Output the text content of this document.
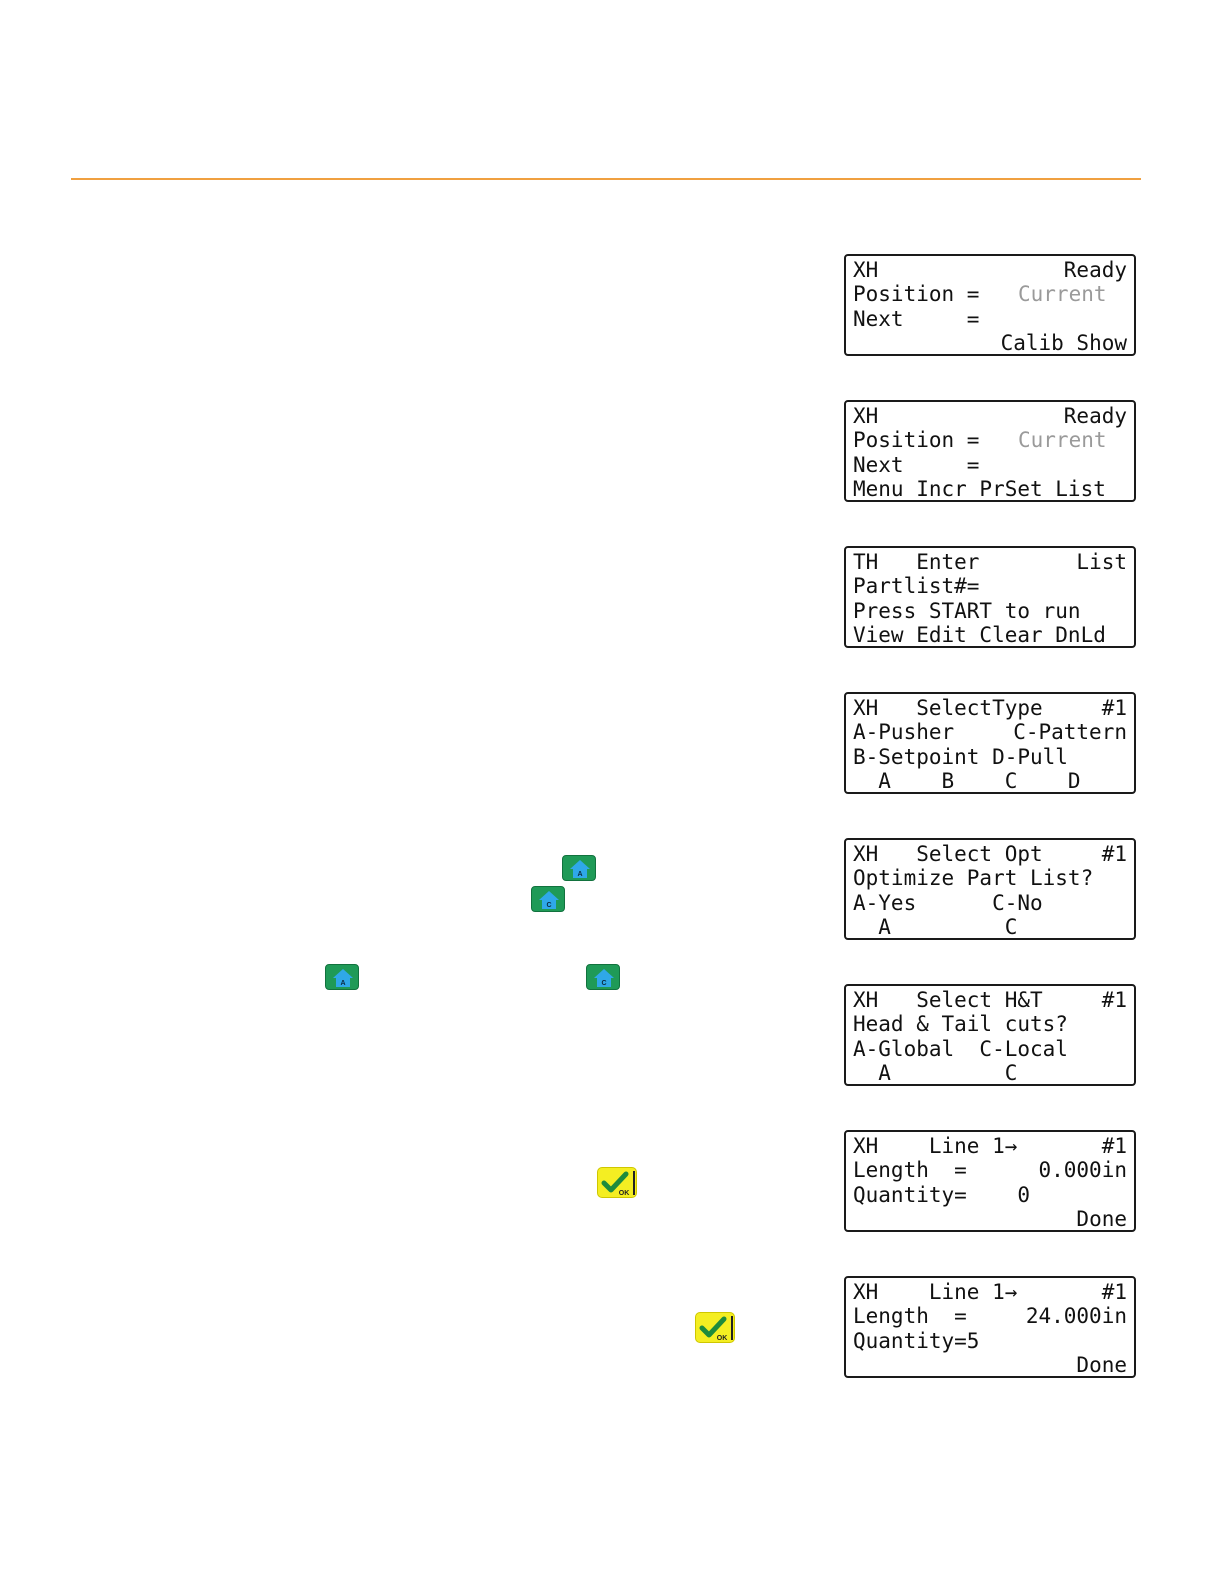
XH	Ready
Position = Current
Next     =
Calib Show
XH	Ready
Position = Current
Next     =
Menu Incr PrSet List
TH   Enter	List
Partlist#=
Press START to run
View Edit Clear DnLd
XH   SelectType	#1
A-Pusher	C-Pattern
B-Setpoint D-Pull
A    B    C    D
XH   Select Opt	#1
Optimize Part List?
A-Yes      C-No
A         C
XH   Select H&T	#1
Head & Tail cuts?
A-Global  C-Local
A         C
XH    Line 1→	#1
Length  =	0.000in
Quantity=    0
Done
XH    Line 1→	#1
Length  =	24.000in
Quantity=5
Done
A
C
A	C
OK
OK
